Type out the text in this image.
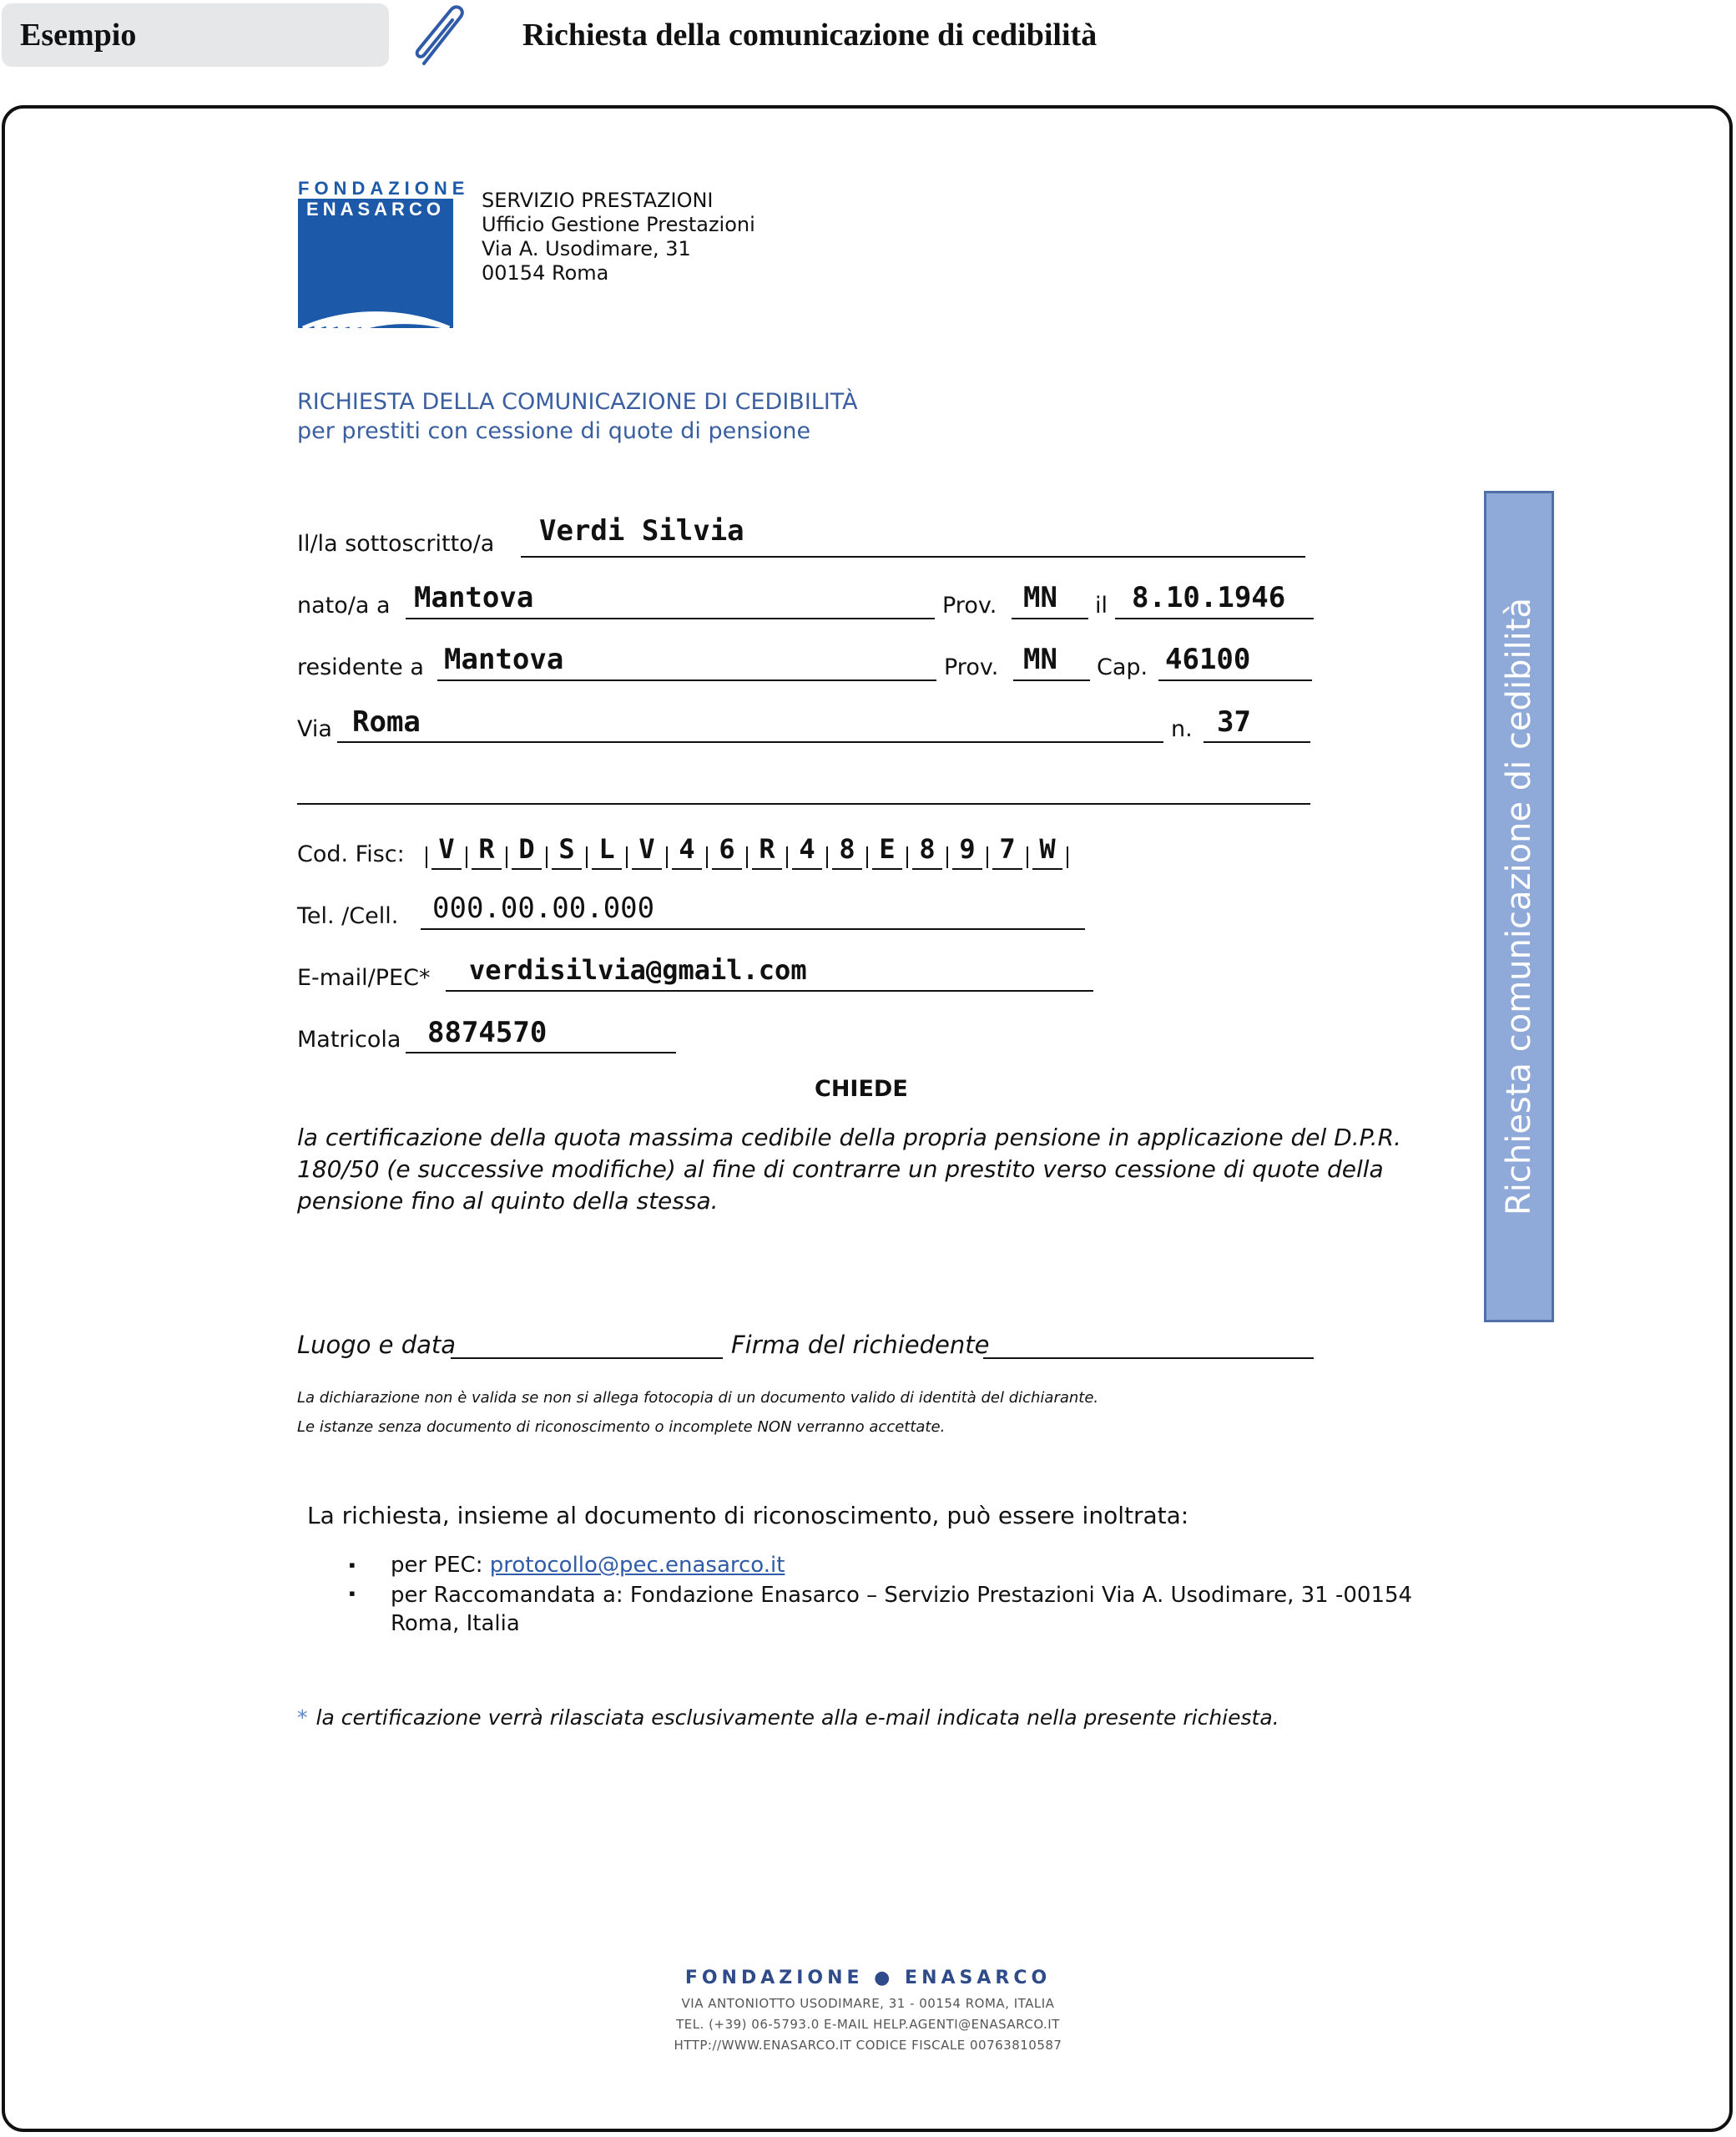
Esempio	Richiesta della comunicazione di cedibilità
FONDAZIONE
ENASARCO	SERVIZIO PRESTAZIONI
Ufficio Gestione Prestazioni
Via A. Usodimare, 31
00154 Roma
RICHIESTA DELLA COMUNICAZIONE DI CEDIBILITÀ
per prestiti con cessione di quote di pensione
Il/la sottoscritto/a Verdi Silvia
nato/a a Mantova	Prov. MN il 8.10.1946
residente a Mantova	Prov. MN Cap. 46100
Via Roma	n. 37
Cod. Fisc: V R D S L V 4 6 R 4 8 E 8 9 7 W
Tel. /Cell. 000.00.00.000
E-mail/PEC* verdisilvia@gmail.com
Matricola 8874570
CHIEDE
la certificazione della quota massima cedibile della propria pensione in applicazione del D.P.R. 180/50 (e successive modifiche) al fine di contrarre un prestito verso cessione di quote della pensione fino al quinto della stessa.
Luogo e data	Firma del richiedente
La dichiarazione non è valida se non si allega fotocopia di un documento valido di identità del dichiarante.
Le istanze senza documento di riconoscimento o incomplete NON verranno accettate.
La richiesta, insieme al documento di riconoscimento, può essere inoltrata:
▪ per PEC: protocollo@pec.enasarco.it
▪ per Raccomandata a: Fondazione Enasarco – Servizio Prestazioni Via A. Usodimare, 31 -00154
Roma, Italia
* la certificazione verrà rilasciata esclusivamente alla e-mail indicata nella presente richiesta.
Richiesta comunicazione di cedibilità
FONDAZIONE ● ENASARCO
VIA ANTONIOTTO USODIMARE, 31 - 00154 ROMA, ITALIA
TEL. (+39) 06-5793.0 E-MAIL HELP.AGENTI@ENASARCO.IT
HTTP://WWW.ENASARCO.IT CODICE FISCALE 00763810587
